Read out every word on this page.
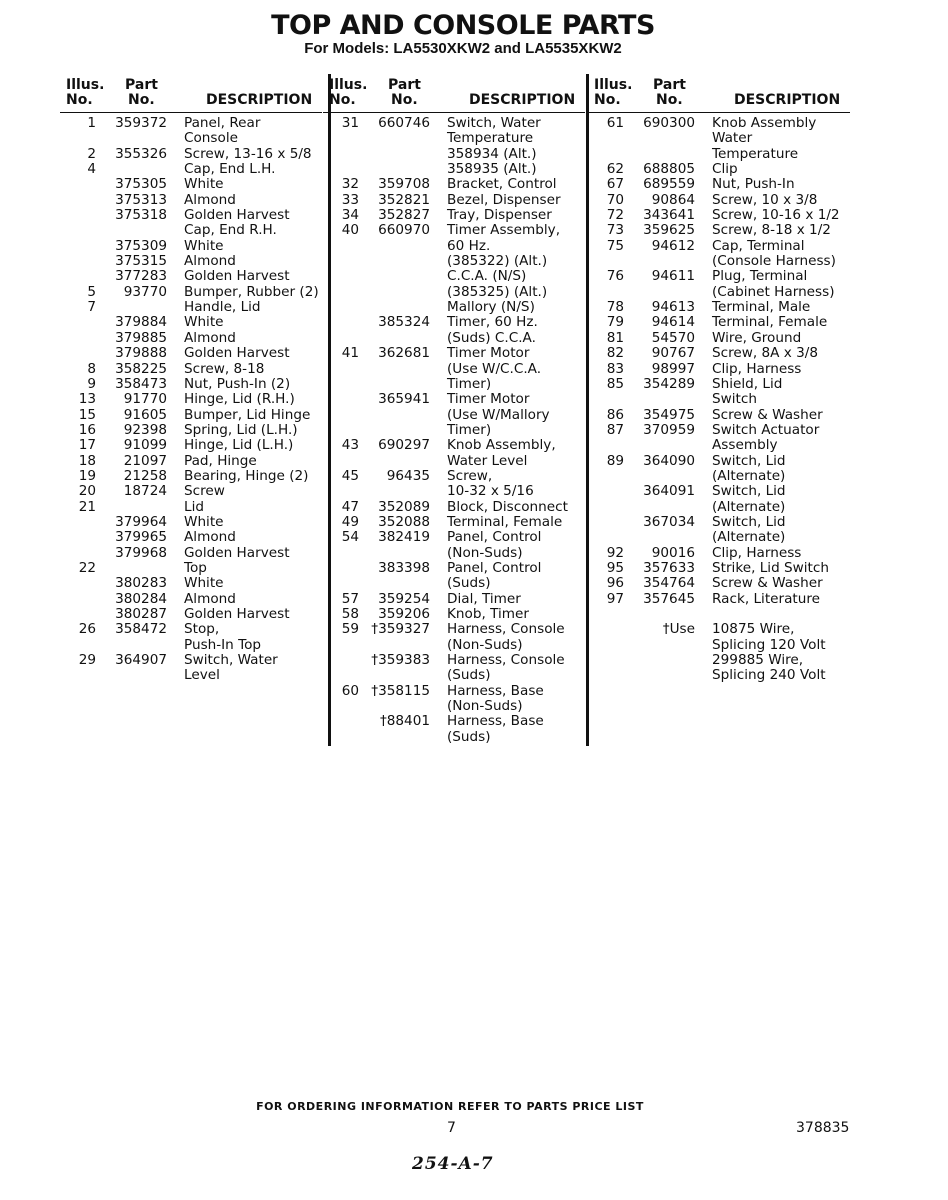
TOP AND CONSOLE PARTS
For Models: LA5530XKW2 and LA5535XKW2
Illus.
No.
Part
No.	DESCRIPTION
1 359372 Panel, Rear
Console
2 355326 Screw, 13-16 x 5/8
4	Cap, End L.H.
375305 White
375313 Almond
375318 Golden Harvest
Cap, End R.H.
375309 White
375315 Almond
377283 Golden Harvest
5 93770 Bumper, Rubber (2)
7	Handle, Lid
379884 White
379885 Almond
379888 Golden Harvest
8 358225 Screw, 8-18
9 358473 Nut, Push-In (2)
13 91770 Hinge, Lid (R.H.)
15 91605 Bumper, Lid Hinge
16 92398 Spring, Lid (L.H.)
17 91099 Hinge, Lid (L.H.)
18 21097 Pad, Hinge
19 21258 Bearing, Hinge (2)
20 18724 Screw
21	Lid
379964 White
379965 Almond
379968 Golden Harvest
22	Top
380283 White
380284 Almond
380287 Golden Harvest
26 358472 Stop,
Push-In Top
29 364907 Switch, Water
Level
Illus.
No.
Part
No.	DESCRIPTION
31 660746 Switch, Water
Temperature
358934 (Alt.)
358935 (Alt.)
32 359708 Bracket, Control
33 352821 Bezel, Dispenser
34 352827 Tray, Dispenser
40 660970 Timer Assembly,
60 Hz.
(385322) (Alt.)
C.C.A. (N/S)
(385325) (Alt.)
Mallory (N/S)
385324 Timer, 60 Hz.
(Suds) C.C.A.
41 362681 Timer Motor
(Use W/C.C.A.
Timer)
365941 Timer Motor
(Use W/Mallory
Timer)
43 690297 Knob Assembly,
Water Level
45 96435 Screw,
10-32 x 5/16
47 352089 Block, Disconnect
49 352088 Terminal, Female
54 382419 Panel, Control
(Non-Suds)
383398 Panel, Control
(Suds)
57 359254 Dial, Timer
58 359206 Knob, Timer
59 †359327 Harness, Console
(Non-Suds)
†359383 Harness, Console
(Suds)
60 †358115 Harness, Base
(Non-Suds)
†88401 Harness, Base
(Suds)
Illus.
No.
Part
No.	DESCRIPTION
61 690300 Knob Assembly
Water
Temperature
62 688805 Clip
67 689559 Nut, Push-In
70 90864 Screw, 10 x 3/8
72 343641 Screw, 10-16 x 1/2
73 359625 Screw, 8-18 x 1/2
75 94612 Cap, Terminal
(Console Harness)
76 94611 Plug, Terminal
(Cabinet Harness)
78 94613 Terminal, Male
79 94614 Terminal, Female
81 54570 Wire, Ground
82 90767 Screw, 8A x 3/8
83 98997 Clip, Harness
85 354289 Shield, Lid
Switch
86 354975 Screw & Washer
87 370959 Switch Actuator
Assembly
89 364090 Switch, Lid
(Alternate)
364091 Switch, Lid
(Alternate)
367034 Switch, Lid
(Alternate)
92 90016 Clip, Harness
95 357633 Strike, Lid Switch
96 354764 Screw & Washer
97 357645 Rack, Literature
†Use 10875 Wire,
Splicing 120 Volt
299885 Wire,
Splicing 240 Volt
FOR ORDERING INFORMATION REFER TO PARTS PRICE LIST
7	378835
254-A-7
